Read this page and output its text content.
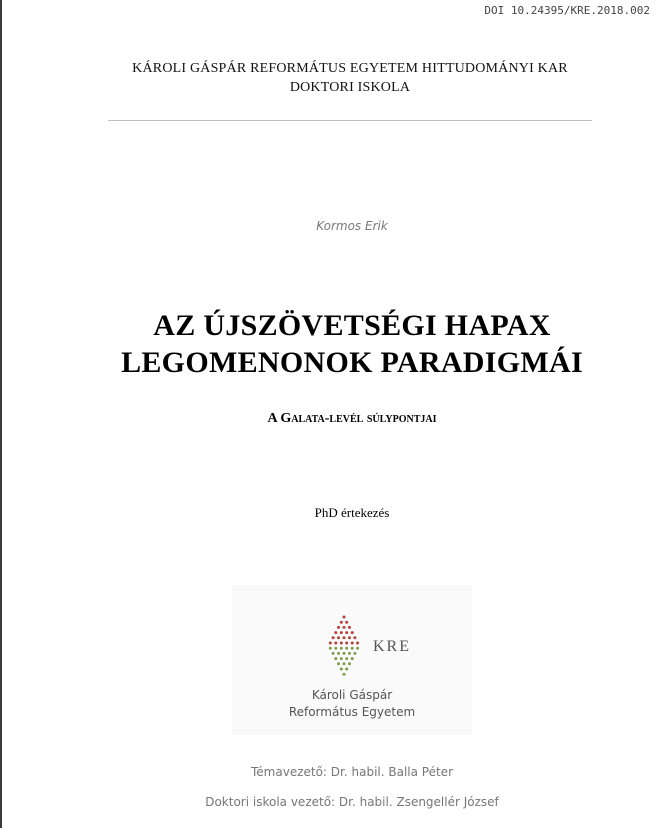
DOI 10.24395/KRE.2018.002
KÁROLI GÁSPÁR REFORMÁTUS EGYETEM HITTUDOMÁNYI KAR
DOKTORI ISKOLA
Kormos Erik
AZ ÚJSZÖVETSÉGI HAPAX
LEGOMENONOK PARADIGMÁI
A Galata-levél súlypontjai
PhD értekezés
KRE
Károli Gáspár
Református Egyetem
Témavezető: Dr. habil. Balla Péter
Doktori iskola vezető: Dr. habil. Zsengellér József
